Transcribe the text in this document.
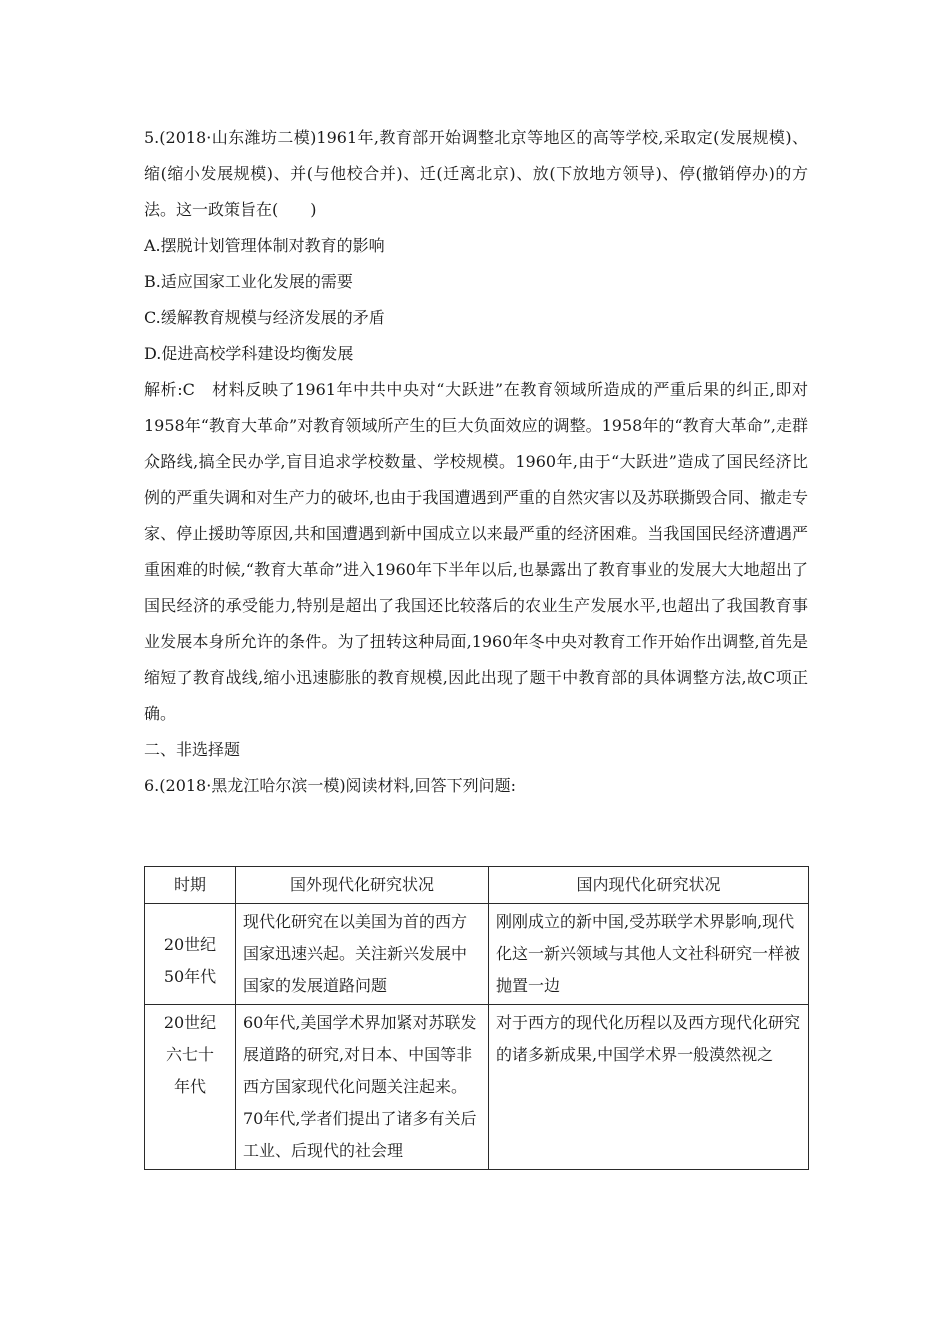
5.(2018·山东潍坊二模)1961年,教育部开始调整北京等地区的高等学校,采取定(发展规模)、缩(缩小发展规模)、并(与他校合并)、迁(迁离北京)、放(下放地方领导)、停(撤销停办)的方法。这一政策旨在(　　)

A.摆脱计划管理体制对教育的影响

B.适应国家工业化发展的需要

C.缓解教育规模与经济发展的矛盾

D.促进高校学科建设均衡发展

解析:C　材料反映了1961年中共中央对“大跃进”在教育领域所造成的严重后果的纠正,即对1958年“教育大革命”对教育领域所产生的巨大负面效应的调整。1958年的“教育大革命”,走群众路线,搞全民办学,盲目追求学校数量、学校规模。1960年,由于“大跃进”造成了国民经济比例的严重失调和对生产力的破坏,也由于我国遭遇到严重的自然灾害以及苏联撕毁合同、撤走专家、停止援助等原因,共和国遭遇到新中国成立以来最严重的经济困难。当我国国民经济遭遇严重困难的时候,“教育大革命”进入1960年下半年以后,也暴露出了教育事业的发展大大地超出了国民经济的承受能力,特别是超出了我国还比较落后的农业生产发展水平,也超出了我国教育事业发展本身所允许的条件。为了扭转这种局面,1960年冬中央对教育工作开始作出调整,首先是缩短了教育战线,缩小迅速膨胀的教育规模,因此出现了题干中教育部的具体调整方法,故C项正确。

二、非选择题

6.(2018·黑龙江哈尔滨一模)阅读材料,回答下列问题:

时期	国外现代化研究状况	国内现代化研究状况

20世纪
50年代	现代化研究在以美国为首的西方国家迅速兴起。关注新兴发展中国家的发展道路问题	刚刚成立的新中国,受苏联学术界影响,现代化这一新兴领域与其他人文社科研究一样被抛置一边

20世纪
六七十
年代	60年代,美国学术界加紧对苏联发展道路的研究,对日本、中国等非西方国家现代化问题关注起来。70年代,学者们提出了诸多有关后工业、后现代的社会理	对于西方的现代化历程以及西方现代化研究的诸多新成果,中国学术界一般漠然视之
